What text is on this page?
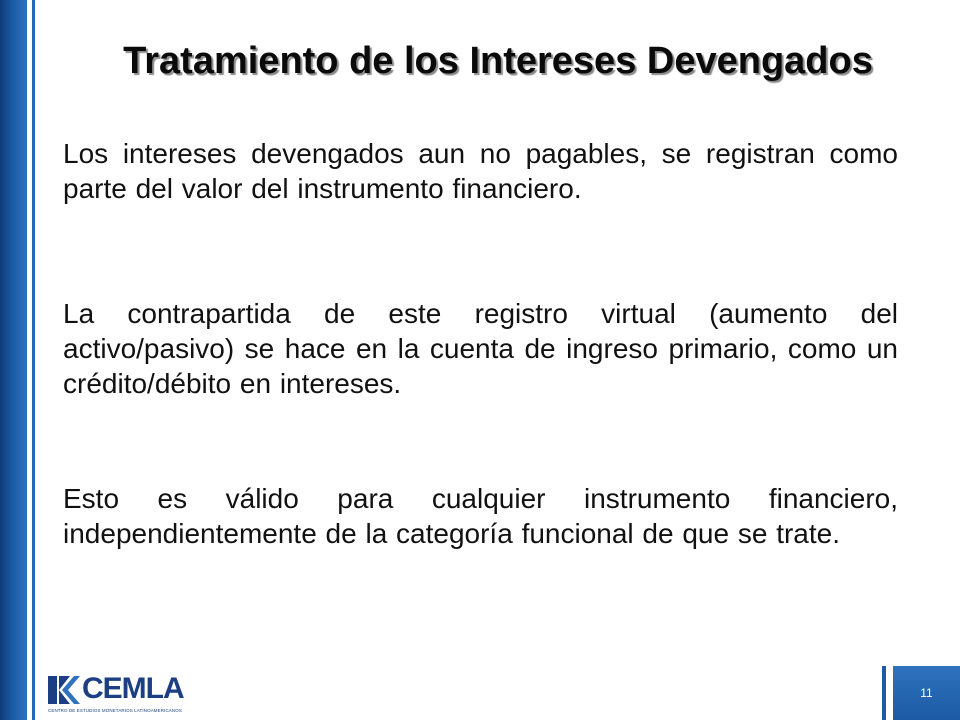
Tratamiento de los Intereses Devengados

Los intereses devengados aun no pagables, se registran como parte del valor del instrumento financiero.

La contrapartida de este registro virtual (aumento del activo/pasivo) se hace en la cuenta de ingreso primario, como un crédito/débito en intereses.

Esto es válido para cualquier instrumento financiero, independientemente de la categoría funcional de que se trate.

CEMLA
CENTRO DE ESTUDIOS MONETARIOS LATINOAMERICANOS
11
